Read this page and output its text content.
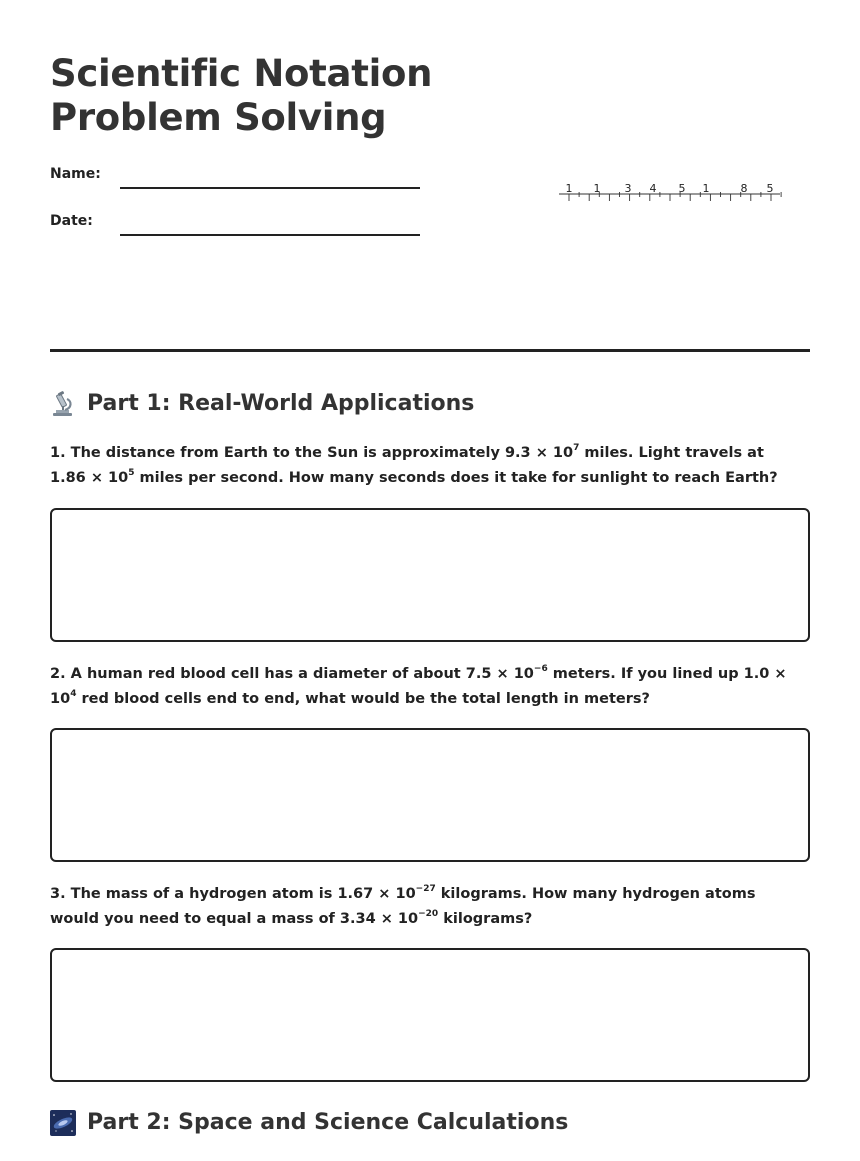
Scientific Notation
Problem Solving
Name:
Date:
1 1 3 4 5 1	8 5
Part 1: Real-World Applications

1. The distance from Earth to the Sun is approximately $9.3 \times 10^7$ miles. Light travels at $1.86 \times 10^5$ miles per second. How many seconds does it take for sunlight to reach Earth?

2. A human red blood cell has a diameter of about $7.5 \times 10^{-6}$ meters. If you lined up $1.0 \times 10^4$ red blood cells end to end, what would be the total length in meters?

3. The mass of a hydrogen atom is $1.67 \times 10^{-27}$ kilograms. How many hydrogen atoms would you need to equal a mass of $3.34 \times 10^{-20}$ kilograms?

Part 2: Space and Science Calculations
